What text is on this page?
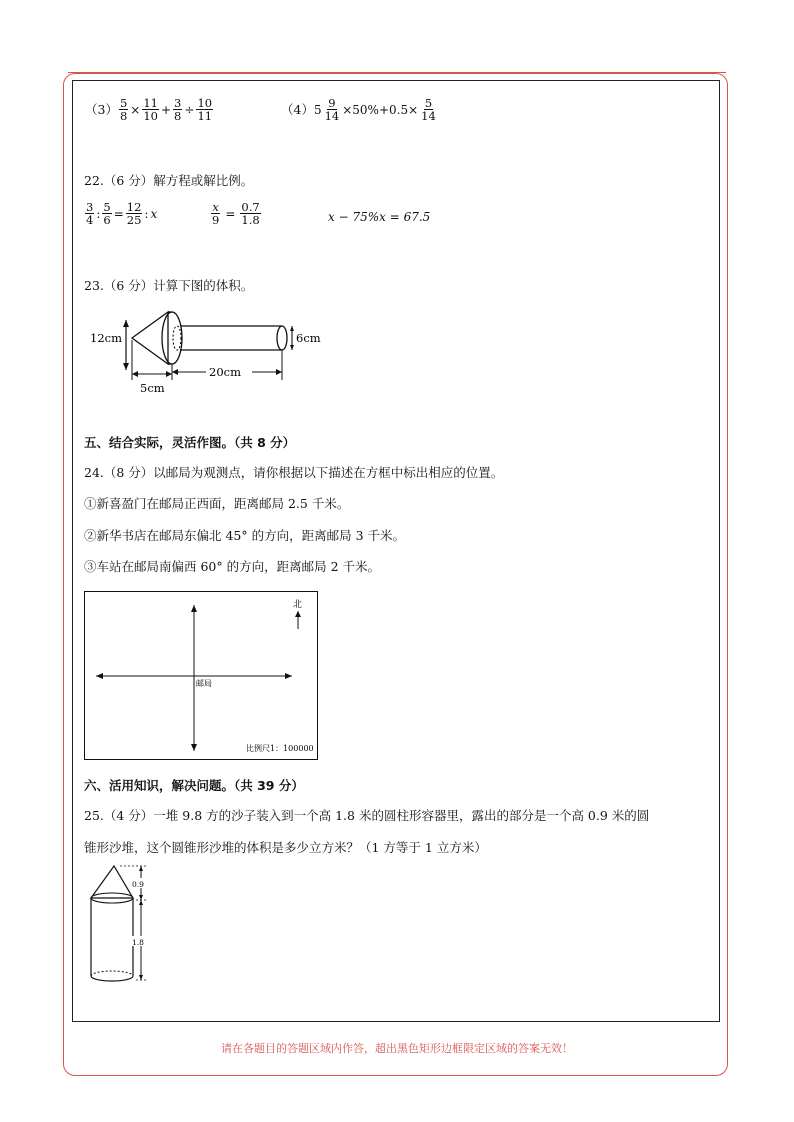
$(3) \frac{5}{8} \times \frac{11}{10} + \frac{3}{8} \div \frac{10}{11}$	（4） $5 \frac{9}{14} \times 50\%+0.5\times \frac{5}{14}$
22.（6 分）解方程或解比例。
$\frac{3}{4}$ : $\frac{5}{6} = \frac{12}{25}$ : x	$\frac{x}{9} = \frac{0.7}{1.8}$	x − 75%x = 67.5
23.（6 分）计算下图的体积。
12cm	6cm
5cm
20cm
五、结合实际，灵活作图。（共 8 分）
24.（8 分）以邮局为观测点，请你根据以下描述在方框中标出相应的位置。
①新喜盈门在邮局正西面，距离邮局 2.5 千米。
②新华书店在邮局东偏北 45° 的方向，距离邮局 3 千米。
③车站在邮局南偏西 60° 的方向，距离邮局 2 千米。
邮局
北
比例尺1：100000
六、活用知识，解决问题。（共 39 分）
25.（4 分）一堆 9.8 方的沙子装入到一个高 1.8 米的圆柱形容器里，露出的部分是一个高 0.9 米的圆
锥形沙堆，这个圆锥形沙堆的体积是多少立方米？（1 方等于 1 立方米）
0.9
1.8
请在各题目的答题区域内作答，超出黑色矩形边框限定区域的答案无效！
